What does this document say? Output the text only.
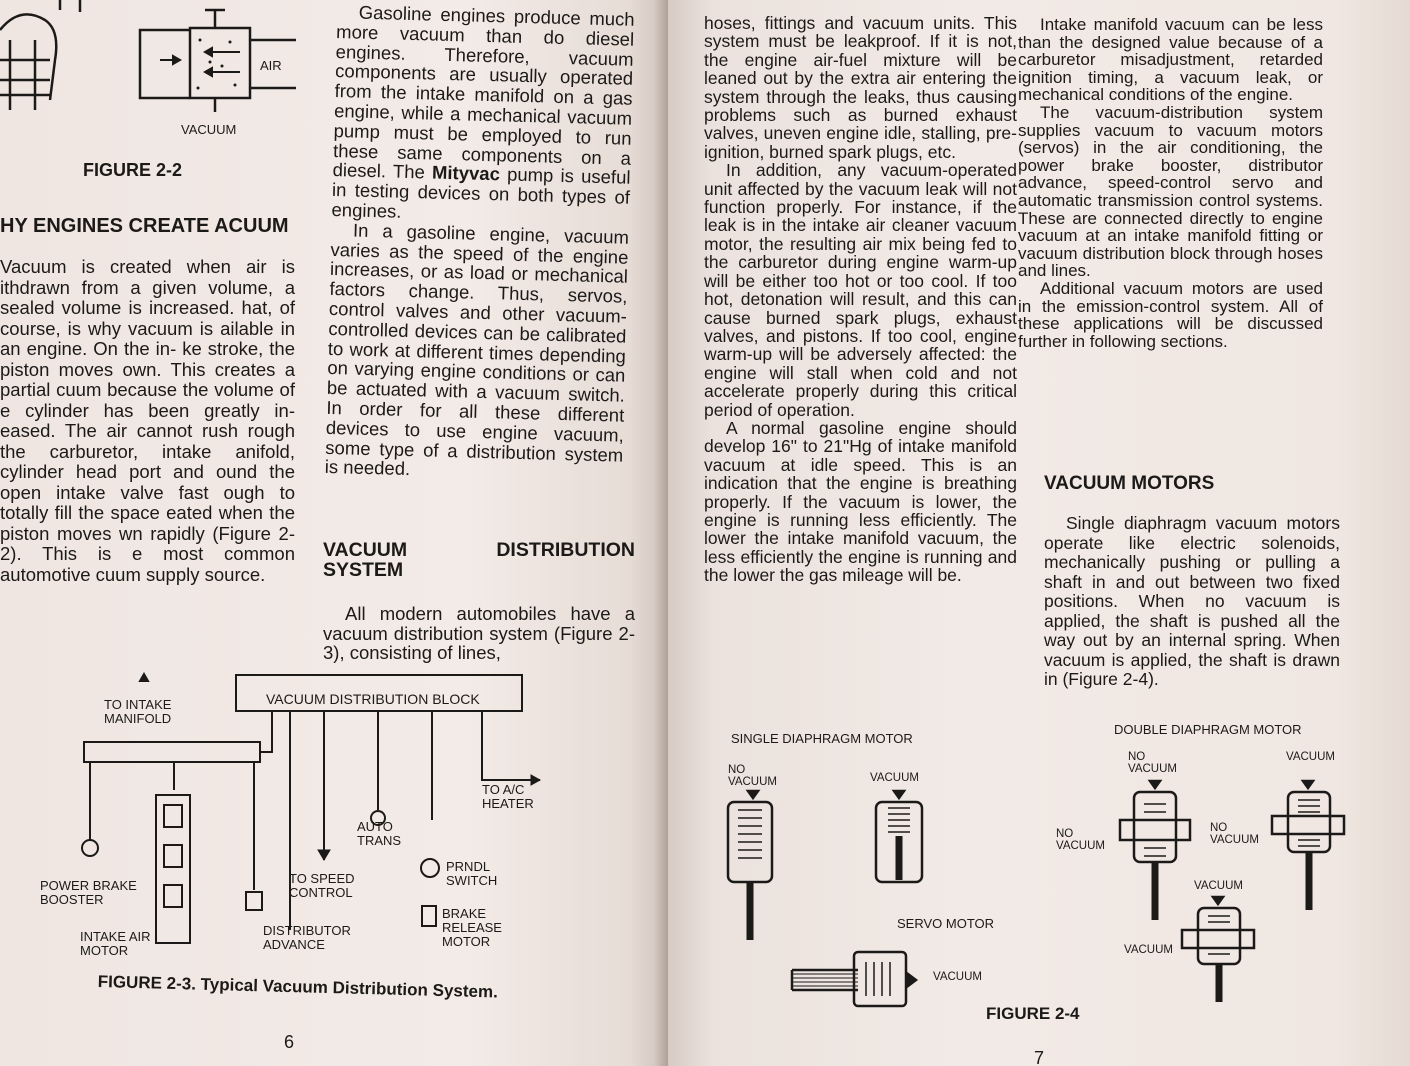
AIR
VACUUM
FIGURE 2-2

HY ENGINES CREATE ACUUM

Vacuum is created when air is ithdrawn from a given volume, a sealed volume is increased. hat, of course, is why vacuum is ailable in an engine. On the in- ke stroke, the piston moves own. This creates a partial cuum because the volume of e cylinder has been greatly in- eased. The air cannot rush rough the carburetor, intake anifold, cylinder head port and ound the open intake valve fast ough to totally fill the space eated when the piston moves wn rapidly (Figure 2-2). This is e most common automotive cuum supply source.

Gasoline engines produce much more vacuum than do diesel engines. Therefore, vacuum components are usually operated from the intake manifold on a gas engine, while a mechanical vacuum pump must be employed to run these same components on a diesel. The Mityvac pump is useful in testing devices on both types of engines.

In a gasoline engine, vacuum varies as the speed of the engine increases, or as load or mechanical factors change. Thus, servos, control valves and other vacuum-controlled devices can be calibrated to work at different times depending on varying engine conditions or can be actuated with a vacuum switch. In order for all these different devices to use engine vacuum, some type of a distribution system is needed.

VACUUM DISTRIBUTION SYSTEM

All modern automobiles have a vacuum distribution system (Figure 2-3), consisting of lines,

VACUUM DISTRIBUTION BLOCK
TO INTAKE MANIFOLD
TO A/C HEATER
AUTO TRANS
PRNDL SWITCH
TO SPEED CONTROL
BRAKE RELEASE MOTOR
POWER BRAKE BOOSTER
DISTRIBUTOR ADVANCE
INTAKE AIR MOTOR
FIGURE 2-3. Typical Vacuum Distribution System.
6

hoses, fittings and vacuum units. This system must be leakproof. If it is not, the engine air-fuel mixture will be leaned out by the extra air entering the system through the leaks, thus causing problems such as burned exhaust valves, uneven engine idle, stalling, pre-ignition, burned spark plugs, etc.

In addition, any vacuum-operated unit affected by the vacuum leak will not function properly. For instance, if the leak is in the intake air cleaner vacuum motor, the resulting air mix being fed to the carburetor during engine warm-up will be either too hot or too cool. If too hot, detonation will result, and this can cause burned spark plugs, exhaust valves, and pistons. If too cool, engine warm-up will be adversely affected: the engine will stall when cold and not accelerate properly during this critical period of operation.

A normal gasoline engine should develop 16" to 21"Hg of intake manifold vacuum at idle speed. This is an indication that the engine is breathing properly. If the vacuum is lower, the engine is running less efficiently. The lower the intake manifold vacuum, the less efficiently the engine is running and the lower the gas mileage will be.

Intake manifold vacuum can be less than the designed value because of a carburetor misadjustment, retarded ignition timing, a vacuum leak, or mechanical conditions of the engine.

The vacuum-distribution system supplies vacuum to vacuum motors (servos) in the air conditioning, the power brake booster, distributor advance, speed-control servo and automatic transmission control systems. These are connected directly to engine vacuum at an intake manifold fitting or vacuum distribution block through hoses and lines.

Additional vacuum motors are used in the emission-control system. All of these applications will be discussed further in following sections.

VACUUM MOTORS

Single diaphragm vacuum motors operate like electric solenoids, mechanically pushing or pulling a shaft in and out between two fixed positions. When no vacuum is applied, the shaft is pushed all the way out by an internal spring. When vacuum is applied, the shaft is drawn in (Figure 2-4).

SINGLE DIAPHRAGM MOTOR
DOUBLE DIAPHRAGM MOTOR
SERVO MOTOR
NO VACUUM	VACUUM
NO VACUUM
VACUUM
NO VACUUM
NO VACUUM
VACUUM
VACUUM
VACUUM
FIGURE 2-4
7
